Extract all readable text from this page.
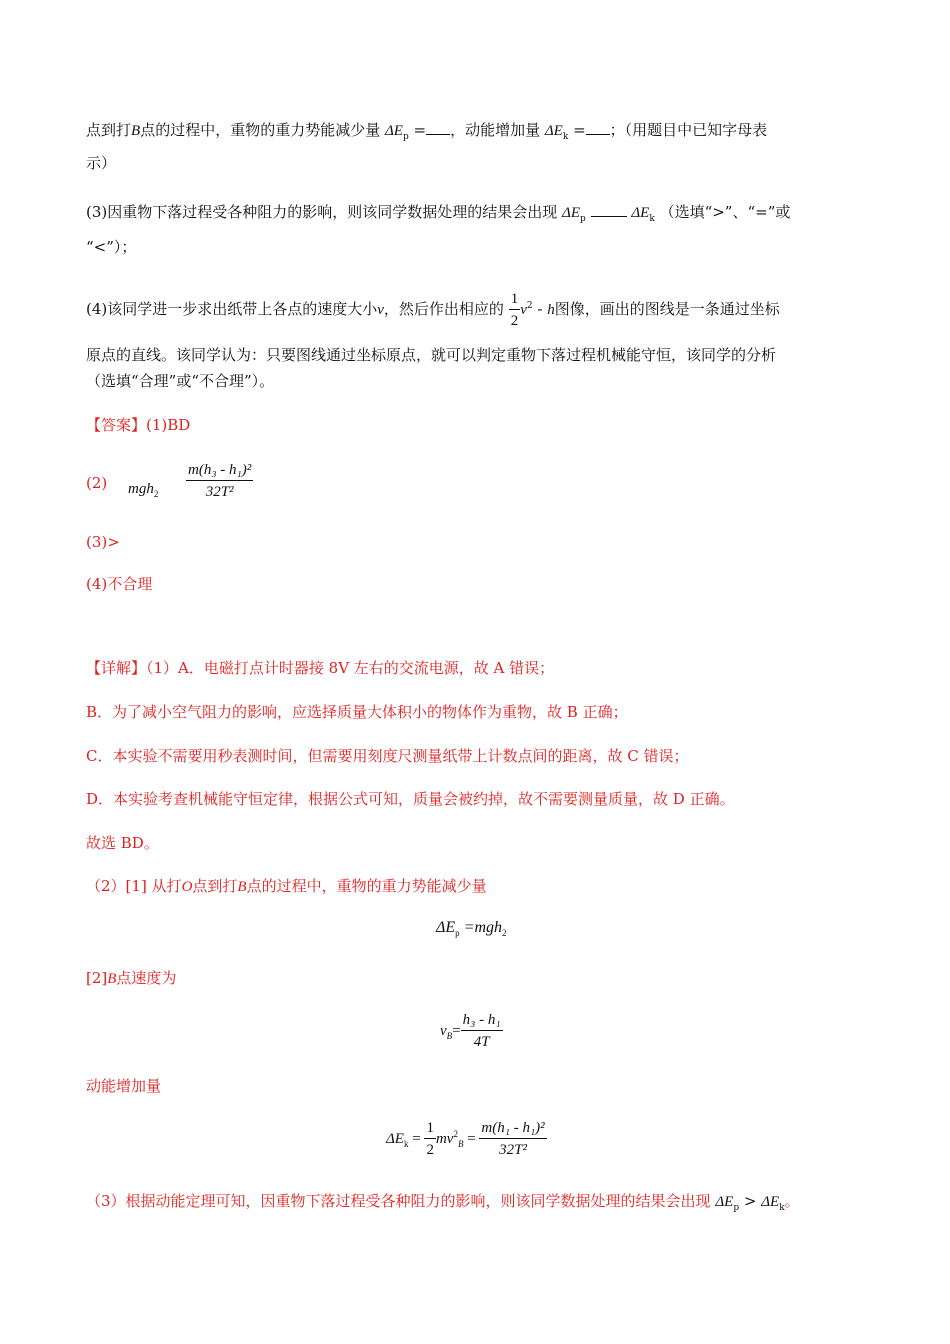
点到打B点的过程中，重物的重力势能减少量 $\Delta E_p$ = ，动能增加量 $\Delta E_k$ = ；（用题目中已知字母表
示）
(3)因重物下落过程受各种阻力的影响，则该同学数据处理的结果会出现 $\Delta E_p$	$\Delta E_k$ （选填“>”、“=”或
“<”）；
(4)该同学进一步求出纸带上各点的速度大小v，然后作出相应的 $\frac{1}{2} v^2$ - h图像，画出的图线是一条通过坐标
原点的直线。该同学认为：只要图线通过坐标原点，就可以判定重物下落过程机械能守恒，该同学的分析
（选填“合理”或“不合理”）。
【答案】(1)BD
(2) $mgh_2 \frac{\text{m(h₃ - h₁)²}}{\text{32T²}}$
(3)>
(4)不合理
【详解】（1）A．电磁打点计时器接 8V 左右的交流电源，故 A 错误；
B．为了减小空气阻力的影响，应选择质量大体积小的物体作为重物，故 B 正确；
C．本实验不需要用秒表测时间，但需要用刻度尺测量纸带上计数点间的距离，故 C 错误；
D．本实验考查机械能守恒定律，根据公式可知，质量会被约掉，故不需要测量质量，故 D 正确。
故选 BD。
（2）[1] 从打O点到打B点的过程中，重物的重力势能减少量
$\Delta E_p =mgh_2$
[2]B点速度为
$v_B= \frac{\text{h₃ - h₁}}{4T}$
动能增加量
$\Delta E_k = \frac{1}{2} mv^2_B = \frac{\text{m(h₁ - h₁)²}}{\text{32T²}}$
（3）根据动能定理可知，因重物下落过程受各种阻力的影响，则该同学数据处理的结果会出现 $\Delta E_p > \Delta E_k$。
